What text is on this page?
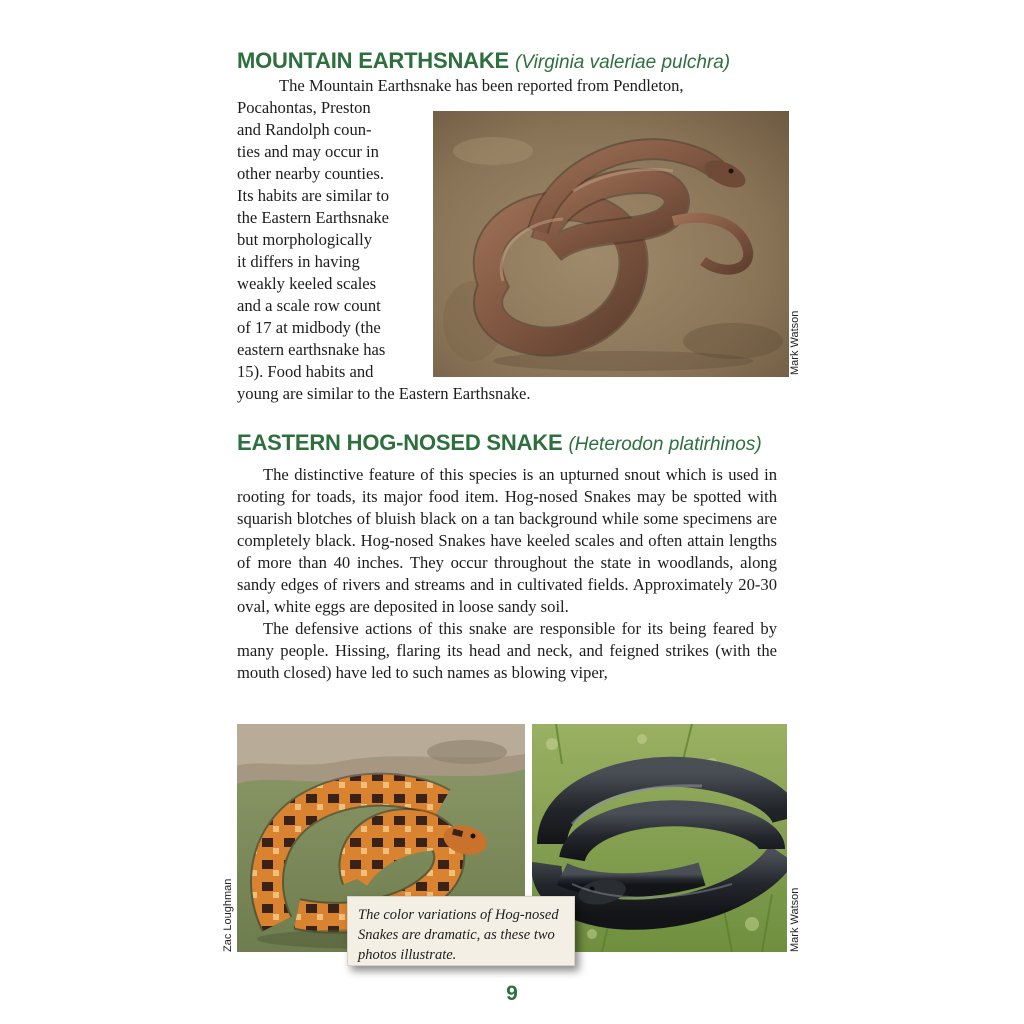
MOUNTAIN EARTHSNAKE (Virginia valeriae pulchra)
The Mountain Earthsnake has been reported from Pendleton,
Pocahontas, Preston
and Randolph coun-
ties and may occur in
other nearby counties.
Its habits are similar to
the Eastern Earthsnake
but morphologically
it differs in having
weakly keeled scales
and a scale row count
of 17 at midbody (the
eastern earthsnake has
15). Food habits and
young are similar to the Eastern Earthsnake.
Mark Watson
EASTERN HOG-NOSED SNAKE (Heterodon platirhinos)

The distinctive feature of this species is an upturned snout which is used in rooting for toads, its major food item. Hog-nosed Snakes may be spotted with squarish blotches of bluish black on a tan background while some specimens are completely black. Hog-nosed Snakes have keeled scales and often attain lengths of more than 40 inches. They occur throughout the state in woodlands, along sandy edges of rivers and streams and in cultivated fields. Approximately 20-30 oval, white eggs are deposited in loose sandy soil.

The defensive actions of this snake are responsible for its being feared by many people. Hissing, flaring its head and neck, and feigned strikes (with the mouth closed) have led to such names as blowing viper,

Zac Loughman	Mark Watson
The color variations of Hog-nosed
Snakes are dramatic, as these two
photos illustrate.
9
